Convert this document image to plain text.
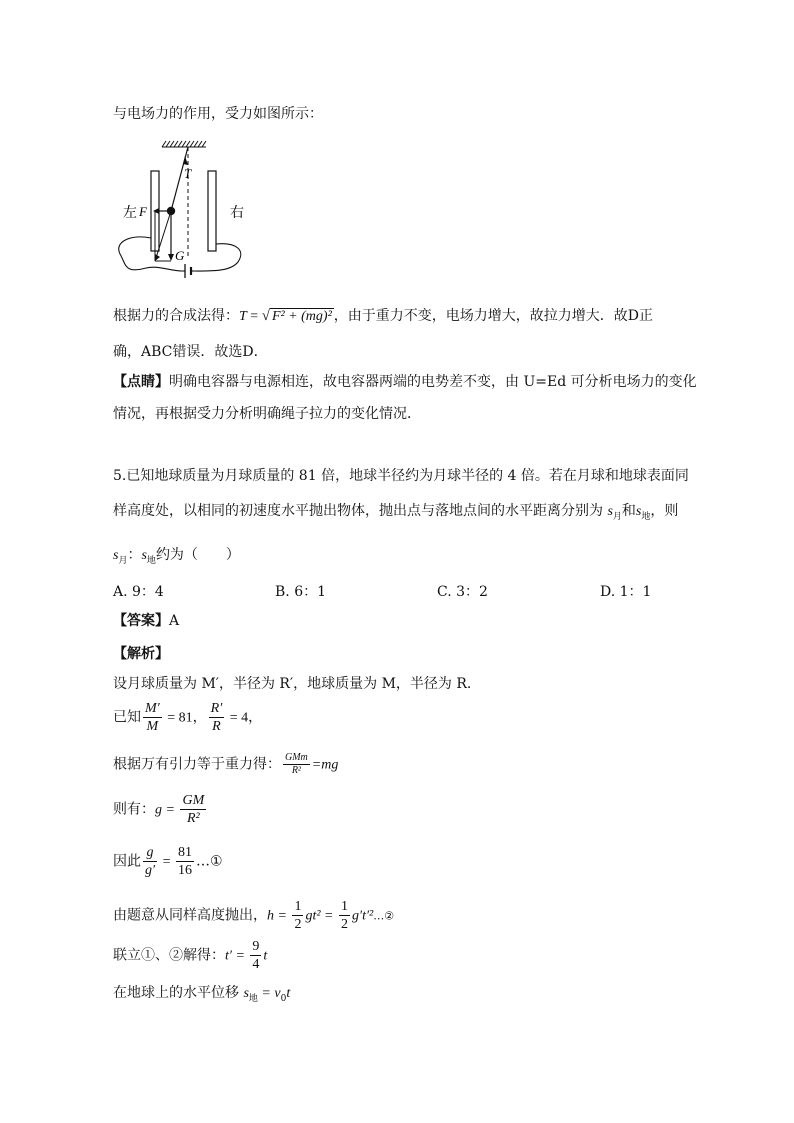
与电场力的作用，受力如图所示：
T
左 F	右
G
根据力的合成法得：T = √ F² + (mg)² ，由于重力不变，电场力增大，故拉力增大．故D正
确，ABC错误．故选D．
【点睛】明确电容器与电源相连，故电容器两端的电势差不变，由 U=Ed 可分析电场力的变化
情况，再根据受力分析明确绳子拉力的变化情况．
5.已知地球质量为月球质量的 81 倍，地球半径约为月球半径的 4 倍。若在月球和地球表面同
样高度处，以相同的初速度水平抛出物体，抛出点与落地点间的水平距离分别为 $s_月$和$s_地$，则
$s_月$：$s_地$约为（　　）
A. 9：4	B. 6：1	C. 3：2	D. 1：1
【答案】A
【解析】
设月球质量为 M′，半径为 R′，地球质量为 M，半径为 R.
已知 $\frac{M'}{M} = 81$， $\frac{R'}{R} = 4$，
根据万有引力等于重力得： $\frac{\text{GMm}}{\text{R²}} =mg$
则有：$g = \frac{GM}{\text{R²}}$
因此 $\frac{g}{g'} = \frac{81}{16}$ …①
由题意从同样高度抛出，$h = \frac{1}{2} gt^2 = \frac{1}{2}$ g′t′²…②
联立①、②解得：$t' = \frac{9}{4}$ t
在地球上的水平位移 $s_地 = v_0t$
